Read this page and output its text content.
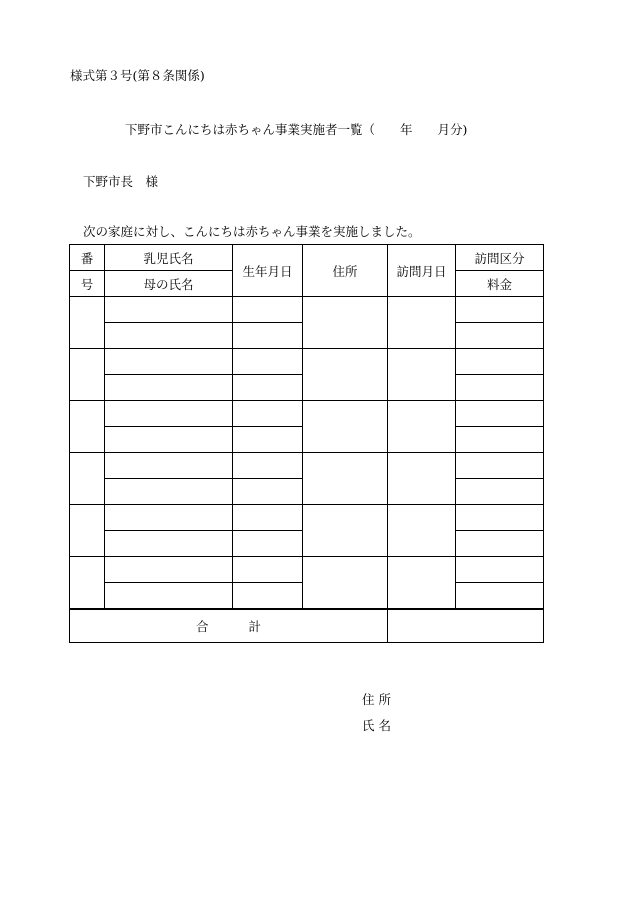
様式第３号(第８条関係)
下野市こんにちは赤ちゃん事業実施者一覧（　　年　　月分)
下野市長　様
次の家庭に対し、こんにちは赤ちゃん事業を実施しました。
番	乳児氏名	生年月日	住所	訪問月日	訪問区分
号	母の氏名				料金

合 計					
住 所
氏 名
